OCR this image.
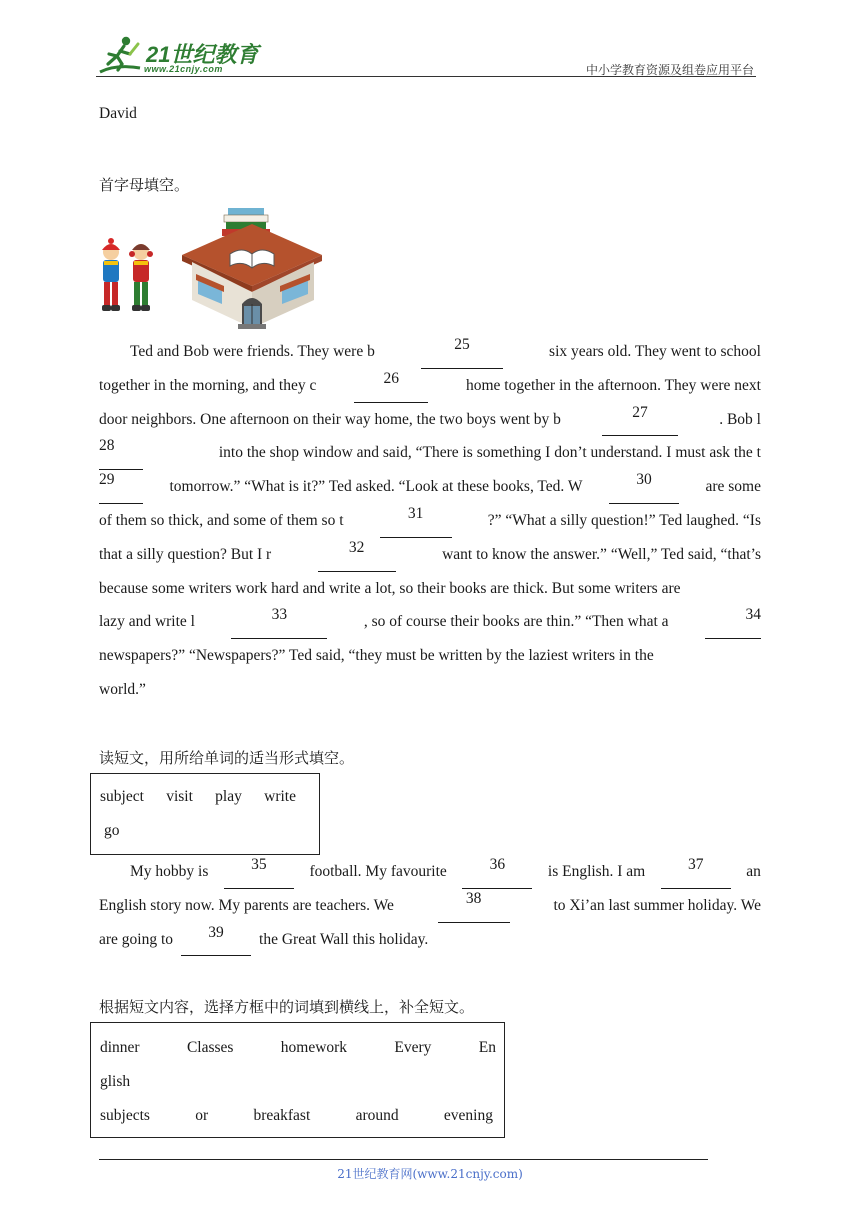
21世纪教育
www.21cnjy.com	中小学教育资源及组卷应用平台
David
首字母填空。
Ted and Bob were friends. They were b	25	six years old. They went to school
together in the morning, and they c	26	home together in the afternoon. They were next
door neighbors. One afternoon on their way home, the two boys went by b	27	. Bob l
28	into the shop window and said, “There is something I don’t understand. I must ask the t
29	tomorrow.” “What is it?” Ted asked. “Look at these books, Ted. W	30	are some
of them so thick, and some of them so t	31	?” “What a silly question!” Ted laughed. “Is
that a silly question? But I r	32	want to know the answer.” “Well,” Ted said, “that’s
because some writers work hard and write a lot, so their books are thick. But some writers are
lazy and write l	33	, so of course their books are thin.” “Then what a	34
newspapers?” “Newspapers?” Ted said, “they must be written by the laziest writers in the
world.”
读短文，用所给单词的适当形式填空。
subject visit play write
go
My hobby is	35	football. My favourite	36	is English. I am	37	an
English story now. My parents are teachers. We	38	to Xi’an last summer holiday. We
are going to	39	the Great Wall this holiday.
根据短文内容，选择方框中的词填到横线上，补全短文。
dinner	Classes	homework	Every	En
glish
subjects	or	breakfast	around	evening
21世纪教育网(www.21cnjy.com)
